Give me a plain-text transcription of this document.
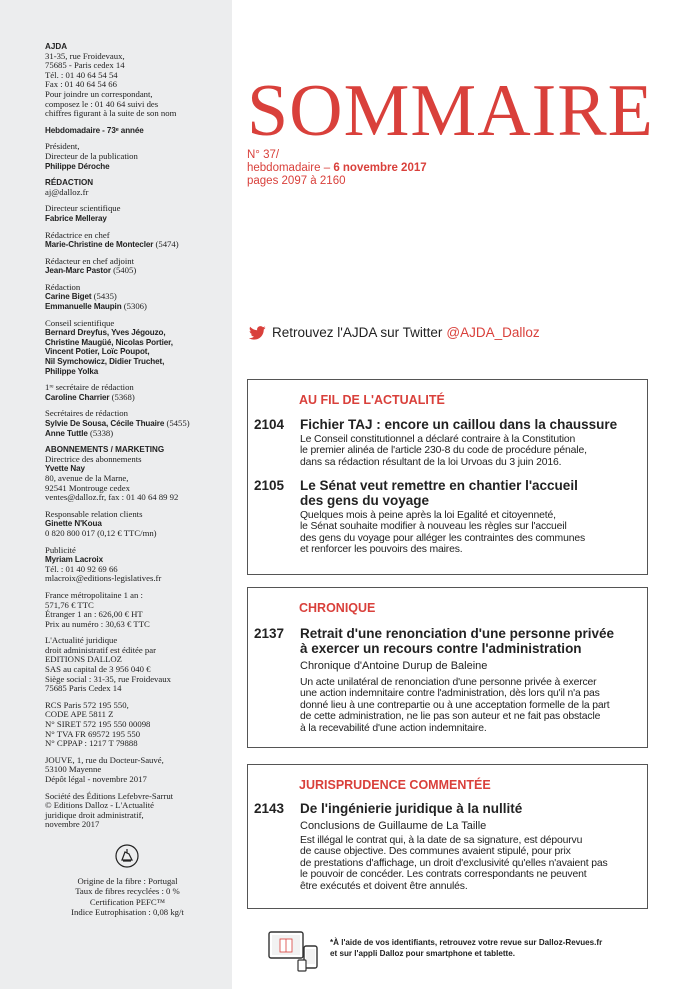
AJDA
31-35, rue Froidevaux,
75685 - Paris cedex 14
Tél. : 01 40 64 54 54
Fax : 01 40 64 54 66
Pour joindre un correspondant,
composez le : 01 40 64 suivi des
chiffres figurant à la suite de son nom
Hebdomadaire - 73ᵉ année
Président,
Directeur de la publication
Philippe Déroche
RÉDACTION
aj@dalloz.fr
Directeur scientifique
Fabrice Melleray
Rédactrice en chef
Marie-Christine de Montecler (5474)
Rédacteur en chef adjoint
Jean-Marc Pastor (5405)
Rédaction
Carine Biget (5435)
Emmanuelle Maupin (5306)
Conseil scientifique
Bernard Dreyfus, Yves Jégouzo,
Christine Maugüé, Nicolas Portier,
Vincent Potier, Loïc Poupot,
Nil Symchowicz, Didier Truchet,
Philippe Yolka
1ʳᵉ secrétaire de rédaction
Caroline Charrier (5368)
Secrétaires de rédaction
Sylvie De Sousa, Cécile Thuaire (5455)
Anne Tuttle (5338)
ABONNEMENTS / MARKETING
Directrice des abonnements
Yvette Nay
80, avenue de la Marne,
92541 Montrouge cedex
ventes@dalloz.fr, fax : 01 40 64 89 92
Responsable relation clients
Ginette N'Koua
0 820 800 017 (0,12 € TTC/mn)
Publicité
Myriam Lacroix
Tél. : 01 40 92 69 66
mlacroix@editions-legislatives.fr
France métropolitaine 1 an :
571,76 € TTC
Étranger 1 an : 626,00 € HT
Prix au numéro : 30,63 € TTC
L'Actualité juridique
droit administratif est éditée par
EDITIONS DALLOZ
SAS au capital de 3 956 040 €
Siège social : 31-35, rue Froidevaux
75685 Paris Cedex 14
RCS Paris 572 195 550,
CODE APE 5811 Z
N° SIRET 572 195 550 00098
N° TVA FR 69572 195 550
N° CPPAP : 1217 T 79888
JOUVE, 1, rue du Docteur-Sauvé,
53100 Mayenne
Dépôt légal - novembre 2017
Société des Éditions Lefebvre-Sarrut
© Editions Dalloz - L'Actualité
juridique droit administratif,
novembre 2017
Origine de la fibre : Portugal
Taux de fibres recyclées : 0 %
Certification PEFC™
Indice Eutrophisation : 0,08 kg/t
SOMMAIRE
N° 37/
hebdomadaire – 6 novembre 2017
pages 2097 à 2160
Retrouvez l'AJDA sur Twitter @AJDA_Dalloz
AU FIL DE L'ACTUALITÉ
2104 Fichier TAJ : encore un caillou dans la chaussure
Le Conseil constitutionnel a déclaré contraire à la Constitution
le premier alinéa de l'article 230-8 du code de procédure pénale,
dans sa rédaction résultant de la loi Urvoas du 3 juin 2016.
2105 Le Sénat veut remettre en chantier l'accueil
des gens du voyage
Quelques mois à peine après la loi Egalité et citoyenneté,
le Sénat souhaite modifier à nouveau les règles sur l'accueil
des gens du voyage pour alléger les contraintes des communes
et renforcer les pouvoirs des maires.
CHRONIQUE
2137 Retrait d'une renonciation d'une personne privée
à exercer un recours contre l'administration
Chronique d'Antoine Durup de Baleine
Un acte unilatéral de renonciation d'une personne privée à exercer
une action indemnitaire contre l'administration, dès lors qu'il n'a pas
donné lieu à une contrepartie ou à une acceptation formelle de la part
de cette administration, ne lie pas son auteur et ne fait pas obstacle
à la recevabilité d'une action indemnitaire.
JURISPRUDENCE COMMENTÉE
2143 De l'ingénierie juridique à la nullité
Conclusions de Guillaume de La Taille
Est illégal le contrat qui, à la date de sa signature, est dépourvu
de cause objective. Des communes avaient stipulé, pour prix
de prestations d'affichage, un droit d'exclusivité qu'elles n'avaient pas
le pouvoir de concéder. Les contrats correspondants ne peuvent
être exécutés et doivent être annulés.
*À l'aide de vos identifiants, retrouvez votre revue sur Dalloz-Revues.fr
et sur l'appli Dalloz pour smartphone et tablette.
